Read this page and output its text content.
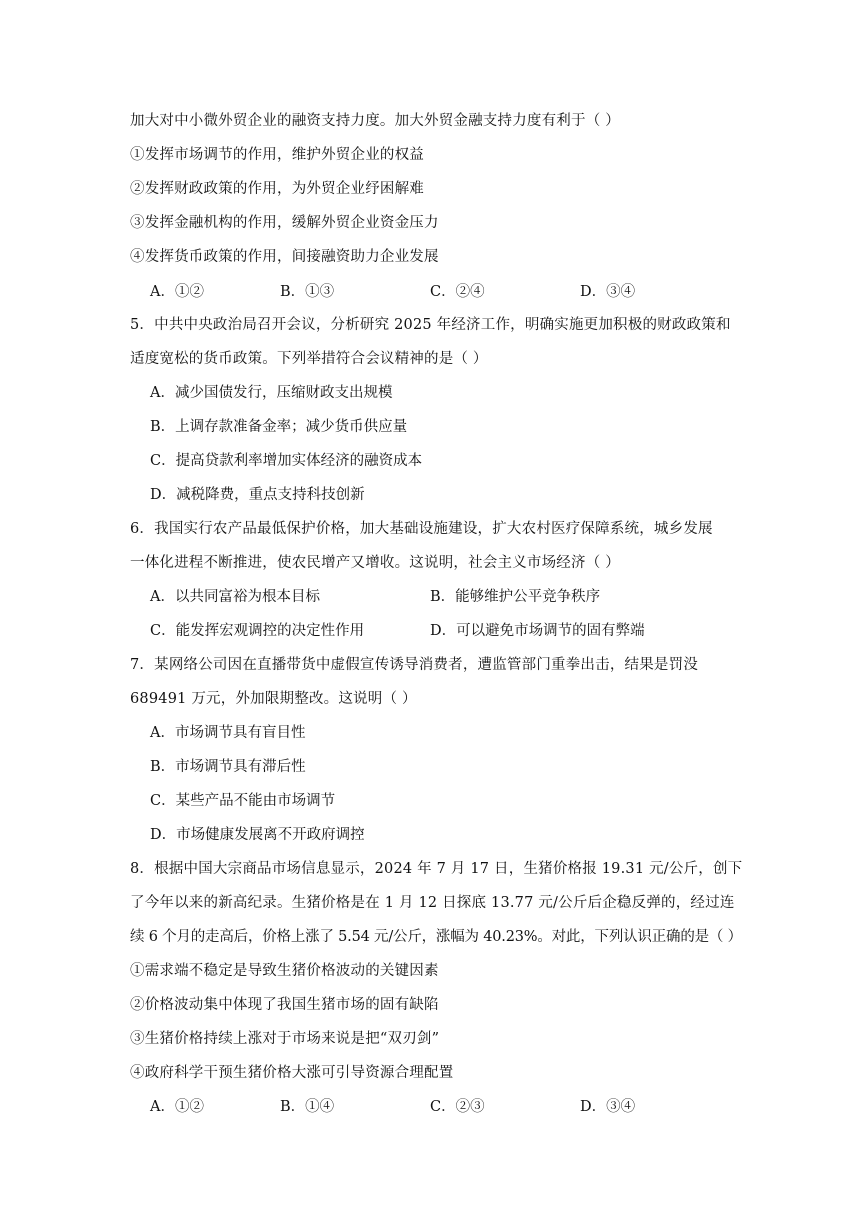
加大对中小微外贸企业的融资支持力度。加大外贸金融支持力度有利于（ ）
①发挥市场调节的作用，维护外贸企业的权益
②发挥财政政策的作用，为外贸企业纾困解难
③发挥金融机构的作用，缓解外贸企业资金压力
④发挥货币政策的作用，间接融资助力企业发展
A．①②	B．①③	C．②④	D．③④
5．中共中央政治局召开会议，分析研究 2025 年经济工作，明确实施更加积极的财政政策和
适度宽松的货币政策。下列举措符合会议精神的是（ ）
A．减少国债发行，压缩财政支出规模
B．上调存款准备金率；减少货币供应量
C．提高贷款利率增加实体经济的融资成本
D．减税降费，重点支持科技创新
6．我国实行农产品最低保护价格，加大基础设施建设，扩大农村医疗保障系统，城乡发展
一体化进程不断推进，使农民增产又增收。这说明，社会主义市场经济（ ）
A．以共同富裕为根本目标	B．能够维护公平竞争秩序
C．能发挥宏观调控的决定性作用	D．可以避免市场调节的固有弊端
7．某网络公司因在直播带货中虚假宣传诱导消费者，遭监管部门重拳出击，结果是罚没
689491 万元，外加限期整改。这说明（ ）
A．市场调节具有盲目性
B．市场调节具有滞后性
C．某些产品不能由市场调节
D．市场健康发展离不开政府调控
8．根据中国大宗商品市场信息显示，2024 年 7 月 17 日，生猪价格报 19.31 元/公斤，创下
了今年以来的新高纪录。生猪价格是在 1 月 12 日探底 13.77 元/公斤后企稳反弹的，经过连
续 6 个月的走高后，价格上涨了 5.54 元/公斤，涨幅为 40.23%。对此，下列认识正确的是（ ）
①需求端不稳定是导致生猪价格波动的关键因素
②价格波动集中体现了我国生猪市场的固有缺陷
③生猪价格持续上涨对于市场来说是把“双刃剑”
④政府科学干预生猪价格大涨可引导资源合理配置
A．①②	B．①④	C．②③	D．③④
